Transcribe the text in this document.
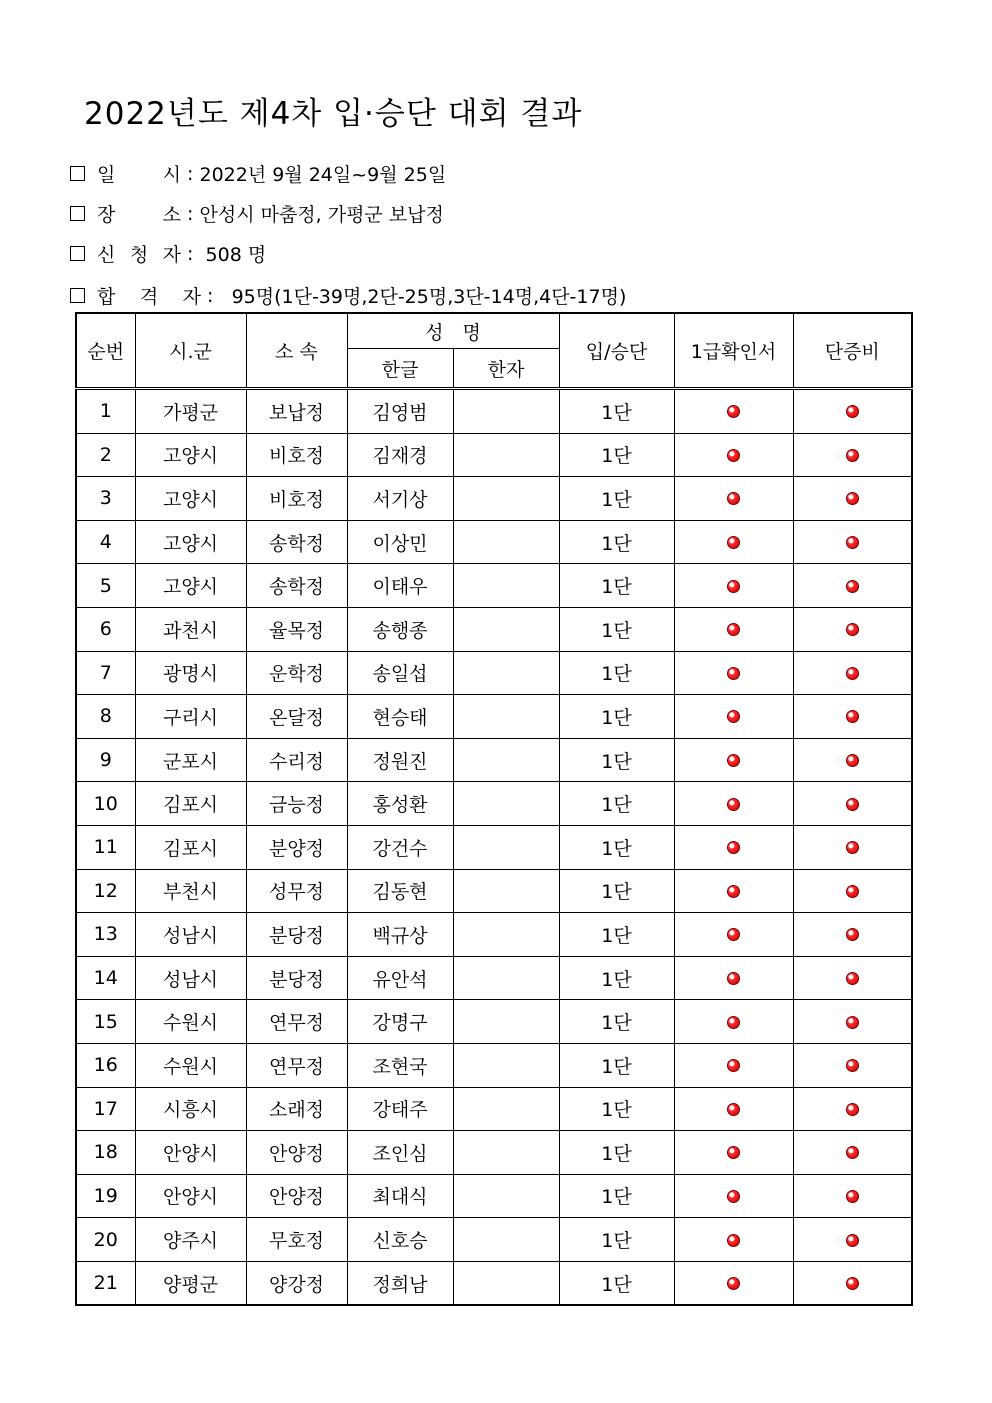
2022년도 제4차 입·승단 대회 결과
일 시 : 2022년 9월 24일~9월 25일
장 소 : 안성시 마춤정, 가평군 보납정
신 청 자 : 508 명
합 격 자 : 95명(1단-39명,2단-25명,3단-14명,4단-17명)
순번	시.군	소 속	성　명		입/승단	1급확인서	단증비
			한글	한자			
1	가평군	보납정	김영범		1단		
2	고양시	비호정	김재경		1단		
3	고양시	비호정	서기상		1단		
4	고양시	송학정	이상민		1단		
5	고양시	송학정	이태우		1단		
6	과천시	율목정	송행종		1단		
7	광명시	운학정	송일섭		1단		
8	구리시	온달정	현승태		1단		
9	군포시	수리정	정원진		1단		
10	김포시	금능정	홍성환		1단		
11	김포시	분양정	강건수		1단		
12	부천시	성무정	김동현		1단		
13	성남시	분당정	백규상		1단		
14	성남시	분당정	유안석		1단		
15	수원시	연무정	강명구		1단		
16	수원시	연무정	조현국		1단		
17	시흥시	소래정	강태주		1단		
18	안양시	안양정	조인심		1단		
19	안양시	안양정	최대식		1단		
20	양주시	무호정	신호승		1단		
21	양평군	양강정	정희남		1단		
